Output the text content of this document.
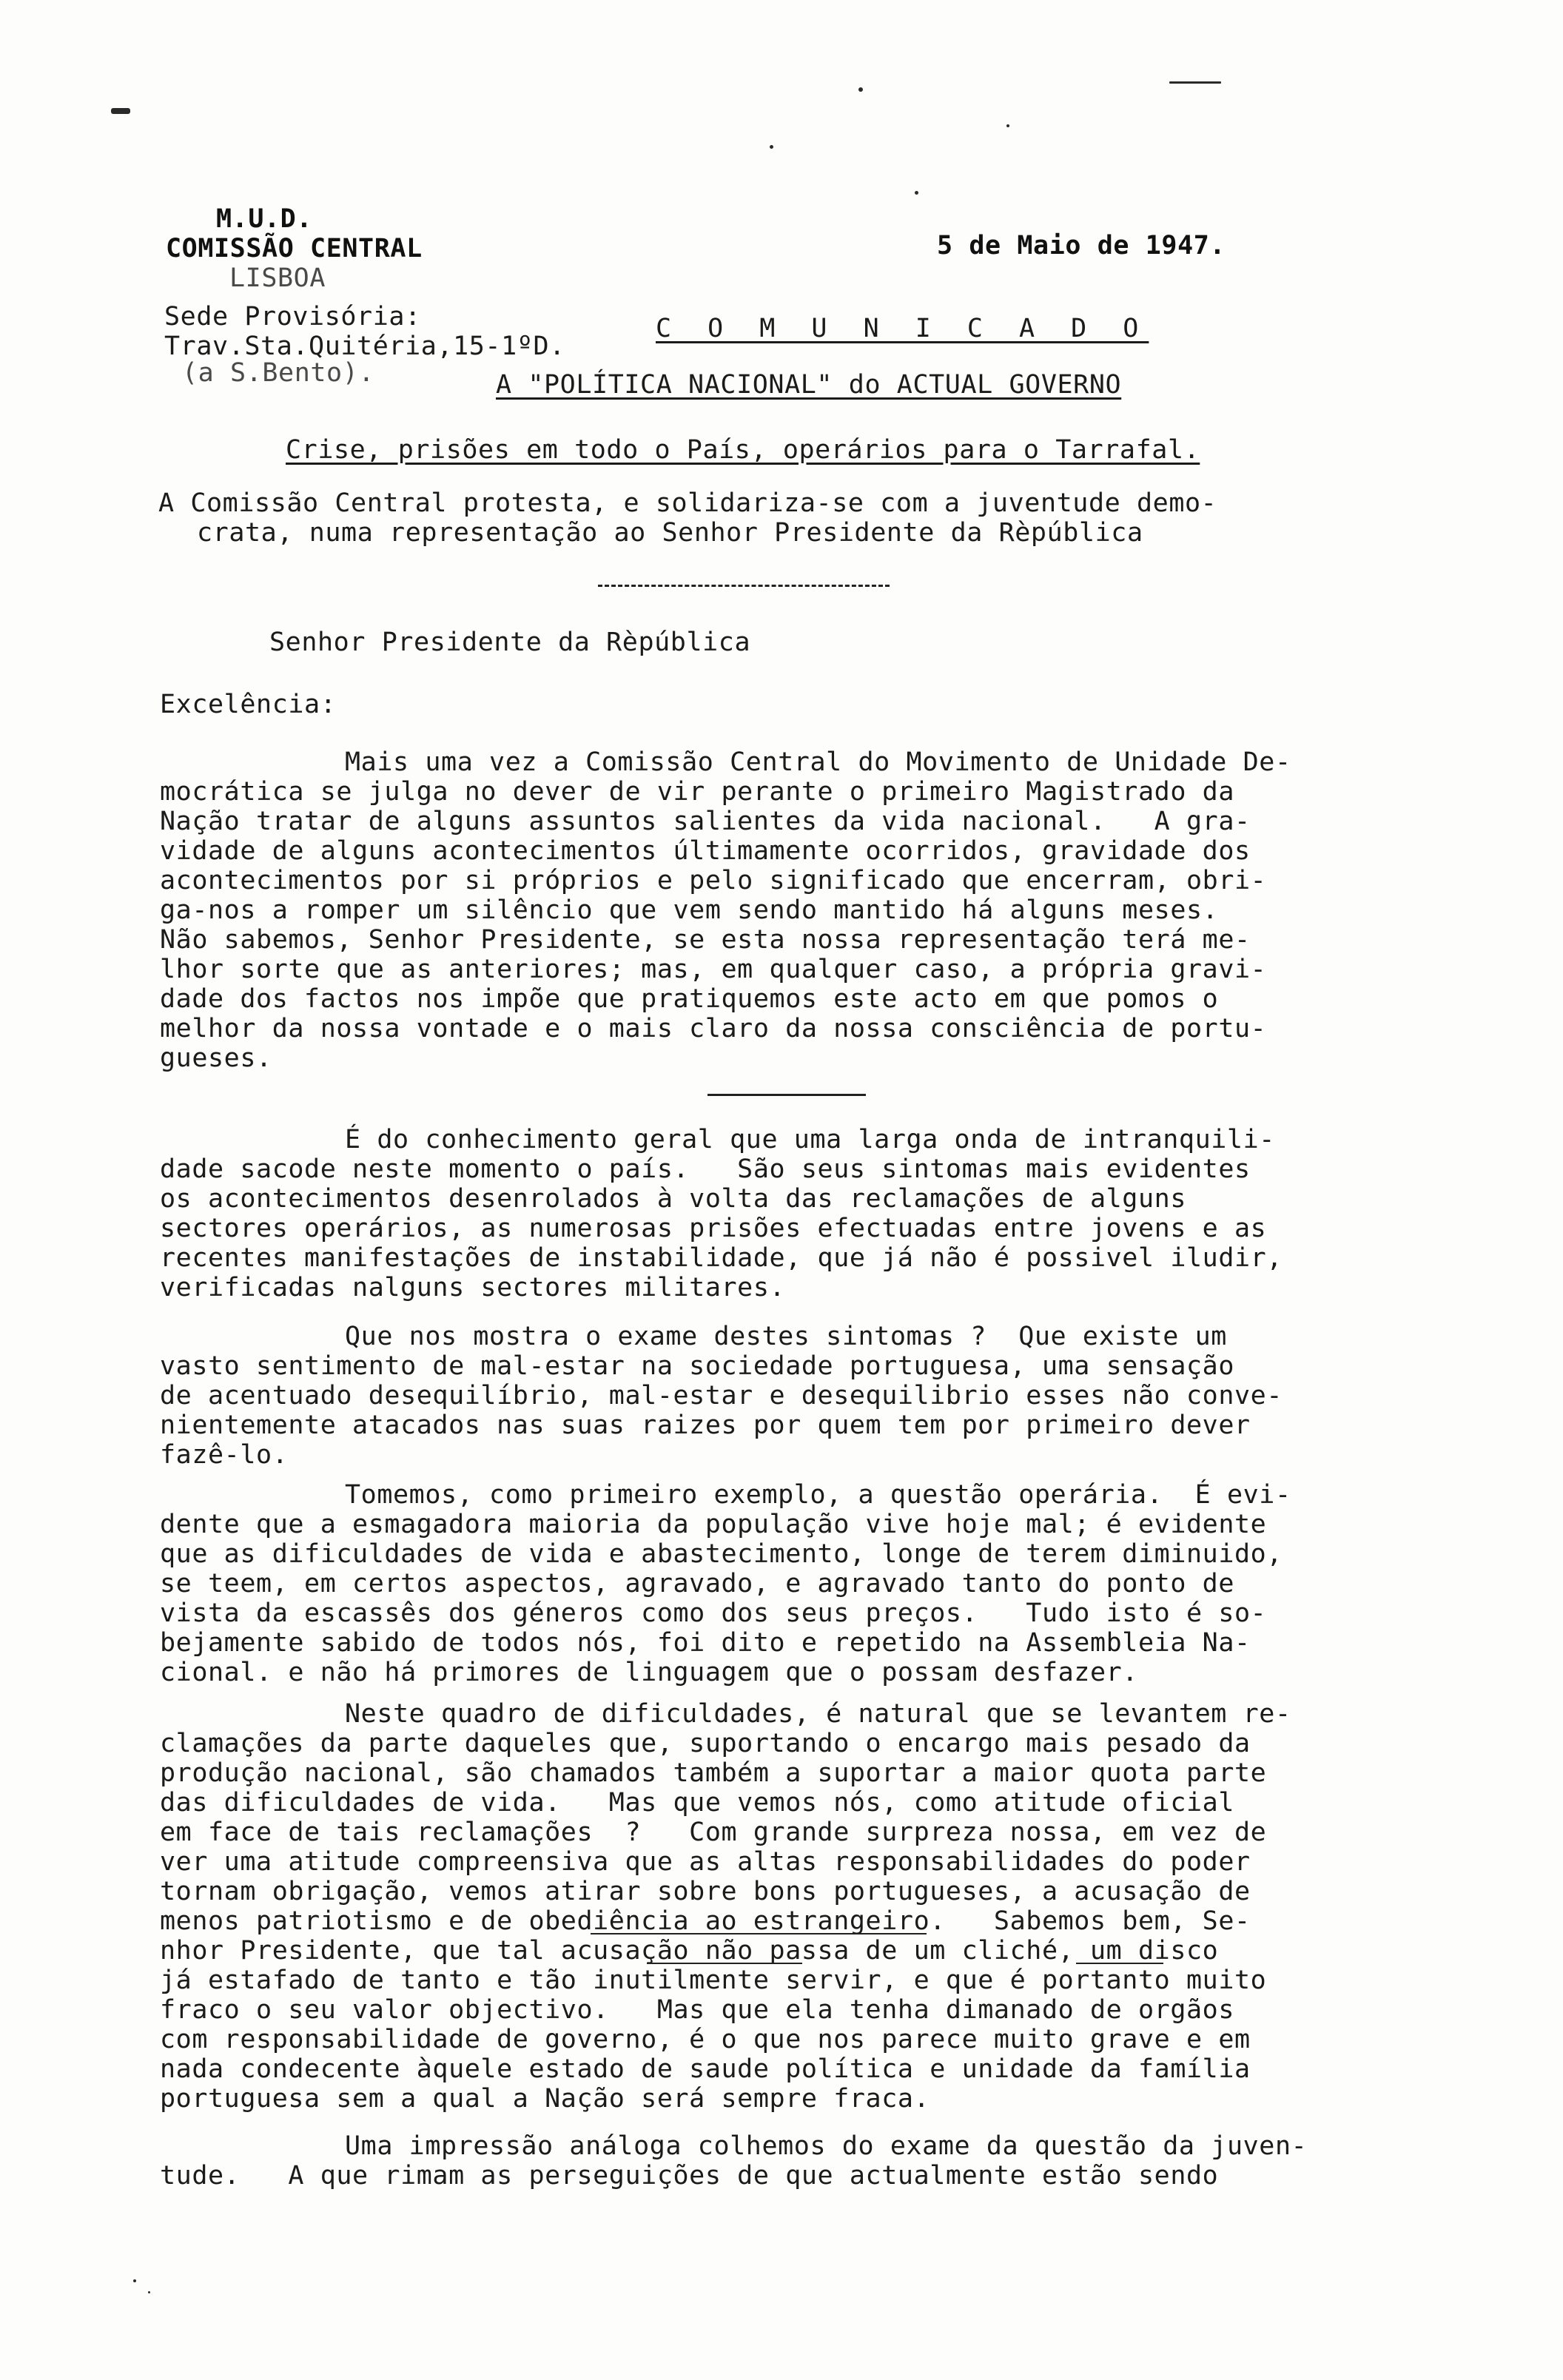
M.U.D.
COMISSÃO CENTRAL
LISBOA
Sede Provisória:
Trav.Sta.Quitéria,15-1ºD.
(a S.Bento).
5 de Maio de 1947.
C O M U N I C A D O
A "POLÍTICA NACIONAL" do ACTUAL GOVERNO
Crise, prisões em todo o País, operários para o Tarrafal.
A Comissão Central protesta, e solidariza-se com a juventude demo-
crata, numa representação ao Senhor Presidente da Rèpública
Senhor Presidente da Rèpública
Excelência:
Mais uma vez a Comissão Central do Movimento de Unidade De-
mocrática se julga no dever de vir perante o primeiro Magistrado da
Nação tratar de alguns assuntos salientes da vida nacional.   A gra-
vidade de alguns acontecimentos últimamente ocorridos, gravidade dos
acontecimentos por si próprios e pelo significado que encerram, obri-
ga-nos a romper um silêncio que vem sendo mantido há alguns meses.
Não sabemos, Senhor Presidente, se esta nossa representação terá me-
lhor sorte que as anteriores; mas, em qualquer caso, a própria gravi-
dade dos factos nos impõe que pratiquemos este acto em que pomos o
melhor da nossa vontade e o mais claro da nossa consciência de portu-
gueses.
É do conhecimento geral que uma larga onda de intranquili-
dade sacode neste momento o país.   São seus sintomas mais evidentes
os acontecimentos desenrolados à volta das reclamações de alguns
sectores operários, as numerosas prisões efectuadas entre jovens e as
recentes manifestações de instabilidade, que já não é possivel iludir,
verificadas nalguns sectores militares.
Que nos mostra o exame destes sintomas ?  Que existe um
vasto sentimento de mal-estar na sociedade portuguesa, uma sensação
de acentuado desequilíbrio, mal-estar e desequilibrio esses não conve-
nientemente atacados nas suas raizes por quem tem por primeiro dever
fazê-lo.
Tomemos, como primeiro exemplo, a questão operária.  É evi-
dente que a esmagadora maioria da população vive hoje mal; é evidente
que as dificuldades de vida e abastecimento, longe de terem diminuido,
se teem, em certos aspectos, agravado, e agravado tanto do ponto de
vista da escassês dos géneros como dos seus preços.   Tudo isto é so-
bejamente sabido de todos nós, foi dito e repetido na Assembleia Na-
cional. e não há primores de linguagem que o possam desfazer.
Neste quadro de dificuldades, é natural que se levantem re-
clamações da parte daqueles que, suportando o encargo mais pesado da
produção nacional, são chamados também a suportar a maior quota parte
das dificuldades de vida.   Mas que vemos nós, como atitude oficial
em face de tais reclamações  ?   Com grande surpreza nossa, em vez de
ver uma atitude compreensiva que as altas responsabilidades do poder
tornam obrigação, vemos atirar sobre bons portugueses, a acusação de
menos patriotismo e de obediência ao estrangeiro.   Sabemos bem, Se-
nhor Presidente, que tal acusação não passa de um cliché, um disco
já estafado de tanto e tão inutilmente servir, e que é portanto muito
fraco o seu valor objectivo.   Mas que ela tenha dimanado de orgãos
com responsabilidade de governo, é o que nos parece muito grave e em
nada condecente àquele estado de saude política e unidade da família
portuguesa sem a qual a Nação será sempre fraca.
Uma impressão análoga colhemos do exame da questão da juven-
tude.   A que rimam as perseguições de que actualmente estão sendo
